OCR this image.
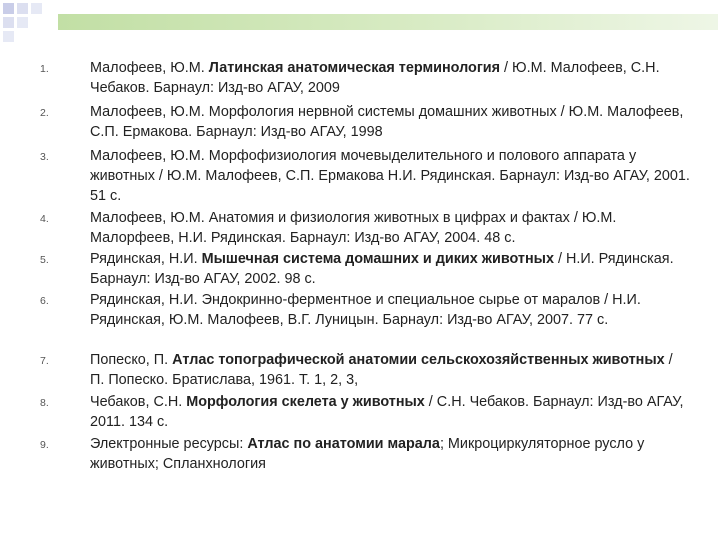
1.	Малофеев, Ю.М. Латинская анатомическая терминология / Ю.М. Малофеев, С.Н. Чебаков. Барнаул: Изд-во АГАУ, 2009
2.	Малофеев, Ю.М. Морфология нервной системы домашних животных / Ю.М. Малофеев, С.П. Ермакова. Барнаул: Изд-во АГАУ, 1998
3.	Малофеев, Ю.М. Морфофизиология мочевыделительного и полового аппарата у животных / Ю.М. Малофеев, С.П. Ермакова Н.И. Рядинская. Барнаул: Изд-во АГАУ, 2001. 51 с.
4.	Малофеев, Ю.М. Анатомия и физиология животных в цифрах и фактах / Ю.М. Малорфеев, Н.И. Рядинская. Барнаул: Изд-во АГАУ, 2004. 48 с.
5.	Рядинская, Н.И. Мышечная система домашних и диких животных / Н.И. Рядинская. Барнаул: Изд-во АГАУ, 2002. 98 с.
6.	Рядинская, Н.И. Эндокринно-ферментное и специальное сырье от маралов / Н.И. Рядинская, Ю.М. Малофеев, В.Г. Луницын. Барнаул: Изд-во АГАУ, 2007. 77 с.
7.	Попеско, П. Атлас топографической анатомии сельскохозяйственных животных / П. Попеско. Братислава, 1961. Т. 1, 2, 3,
8.	Чебаков, С.Н. Морфология скелета у животных / С.Н. Чебаков. Барнаул: Изд-во АГАУ, 2011. 134 с.
9.	Электронные ресурсы: Атлас по анатомии марала; Микроциркуляторное русло у животных; Спланхнология
